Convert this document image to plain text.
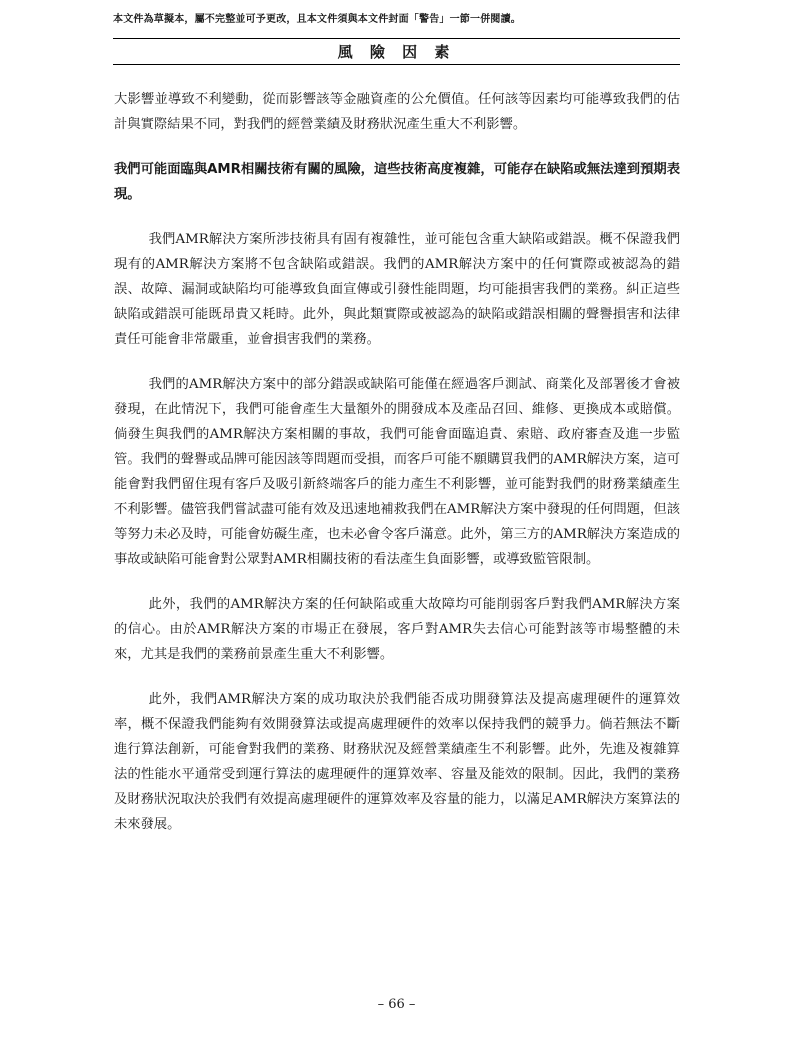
本文件為草擬本，屬不完整並可予更改，且本文件須與本文件封面「警告」一節一併閱讀。
風 險 因 素

大影響並導致不利變動，從而影響該等金融資產的公允價值。任何該等因素均可能導致我們的估計與實際結果不同，對我們的經營業績及財務狀況產生重大不利影響。

我們可能面臨與AMR相關技術有關的風險，這些技術高度複雜，可能存在缺陷或無法達到預期表現。

我們AMR解決方案所涉技術具有固有複雜性，並可能包含重大缺陷或錯誤。概不保證我們現有的AMR解決方案將不包含缺陷或錯誤。我們的AMR解決方案中的任何實際或被認為的錯誤、故障、漏洞或缺陷均可能導致負面宣傳或引發性能問題，均可能損害我們的業務。糾正這些缺陷或錯誤可能既昂貴又耗時。此外，與此類實際或被認為的缺陷或錯誤相關的聲譽損害和法律責任可能會非常嚴重，並會損害我們的業務。

我們的AMR解決方案中的部分錯誤或缺陷可能僅在經過客戶測試、商業化及部署後才會被發現，在此情況下，我們可能會產生大量額外的開發成本及產品召回、維修、更換成本或賠償。倘發生與我們的AMR解決方案相關的事故，我們可能會面臨追責、索賠、政府審查及進一步監管。我們的聲譽或品牌可能因該等問題而受損，而客戶可能不願購買我們的AMR解決方案，這可能會對我們留住現有客戶及吸引新終端客戶的能力產生不利影響，並可能對我們的財務業績產生不利影響。儘管我們嘗試盡可能有效及迅速地補救我們在AMR解決方案中發現的任何問題，但該等努力未必及時，可能會妨礙生產，也未必會令客戶滿意。此外，第三方的AMR解決方案造成的事故或缺陷可能會對公眾對AMR相關技術的看法產生負面影響，或導致監管限制。

此外，我們的AMR解決方案的任何缺陷或重大故障均可能削弱客戶對我們AMR解決方案的信心。由於AMR解決方案的市場正在發展，客戶對AMR失去信心可能對該等市場整體的未來，尤其是我們的業務前景產生重大不利影響。

此外，我們AMR解決方案的成功取決於我們能否成功開發算法及提高處理硬件的運算效率，概不保證我們能夠有效開發算法或提高處理硬件的效率以保持我們的競爭力。倘若無法不斷進行算法創新，可能會對我們的業務、財務狀況及經營業績產生不利影響。此外，先進及複雜算法的性能水平通常受到運行算法的處理硬件的運算效率、容量及能效的限制。因此，我們的業務及財務狀況取決於我們有效提高處理硬件的運算效率及容量的能力，以滿足AMR解決方案算法的未來發展。

– 66 –
